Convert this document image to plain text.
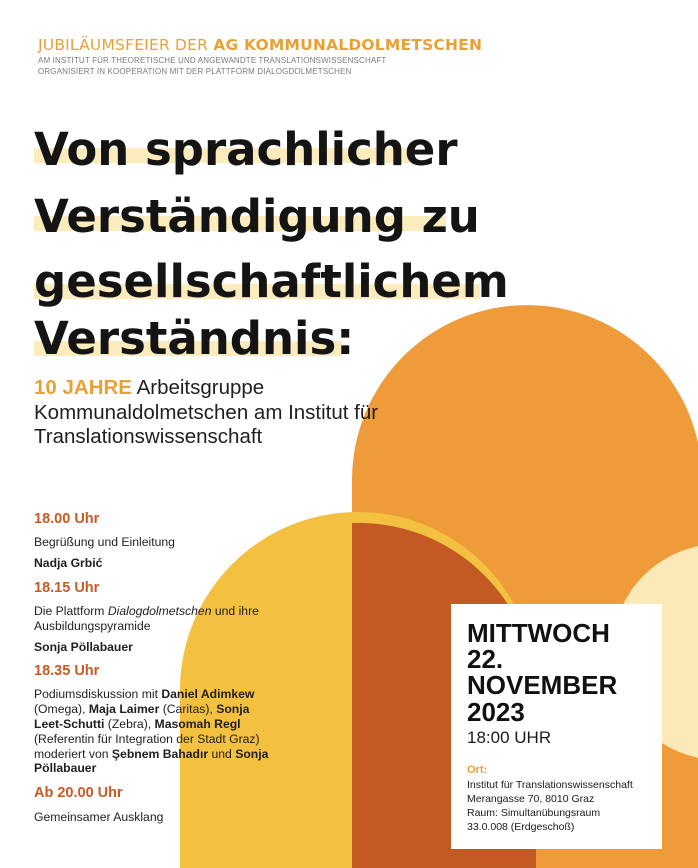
JUBILÄUMSFEIER DER AG KOMMUNALDOLMETSCHEN
AM INSTITUT FÜR THEORETISCHE UND ANGEWANDTE TRANSLATIONSWISSENSCHAFT
ORGANISIERT IN KOOPERATION MIT DER PLATTFORM DIALOGDOLMETSCHEN
Von sprachlicher
Verständigung zu
gesellschaftlichem
Verständnis:
10 JAHRE Arbeitsgruppe
Kommunaldolmetschen am Institut für
Translationswissenschaft
18.00 Uhr
Begrüßung und Einleitung
Nadja Grbić
18.15 Uhr
Die Plattform Dialogdolmetschen und ihre
Ausbildungspyramide
Sonja Pöllabauer
18.35 Uhr
Podiumsdiskussion mit Daniel Adimkew
(Omega), Maja Laimer (Caritas), Sonja
Leet-Schutti (Zebra), Masomah Regl
(Referentin für Integration der Stadt Graz)
moderiert von Şebnem Bahadır und Sonja
Pöllabauer
Ab 20.00 Uhr
Gemeinsamer Ausklang
MITTWOCH
22.
NOVEMBER
2023
18:00 UHR
Ort:
Institut für Translationswissenschaft
Merangasse 70, 8010 Graz
Raum: Simultanübungsraum
33.0.008 (Erdgeschoß)
